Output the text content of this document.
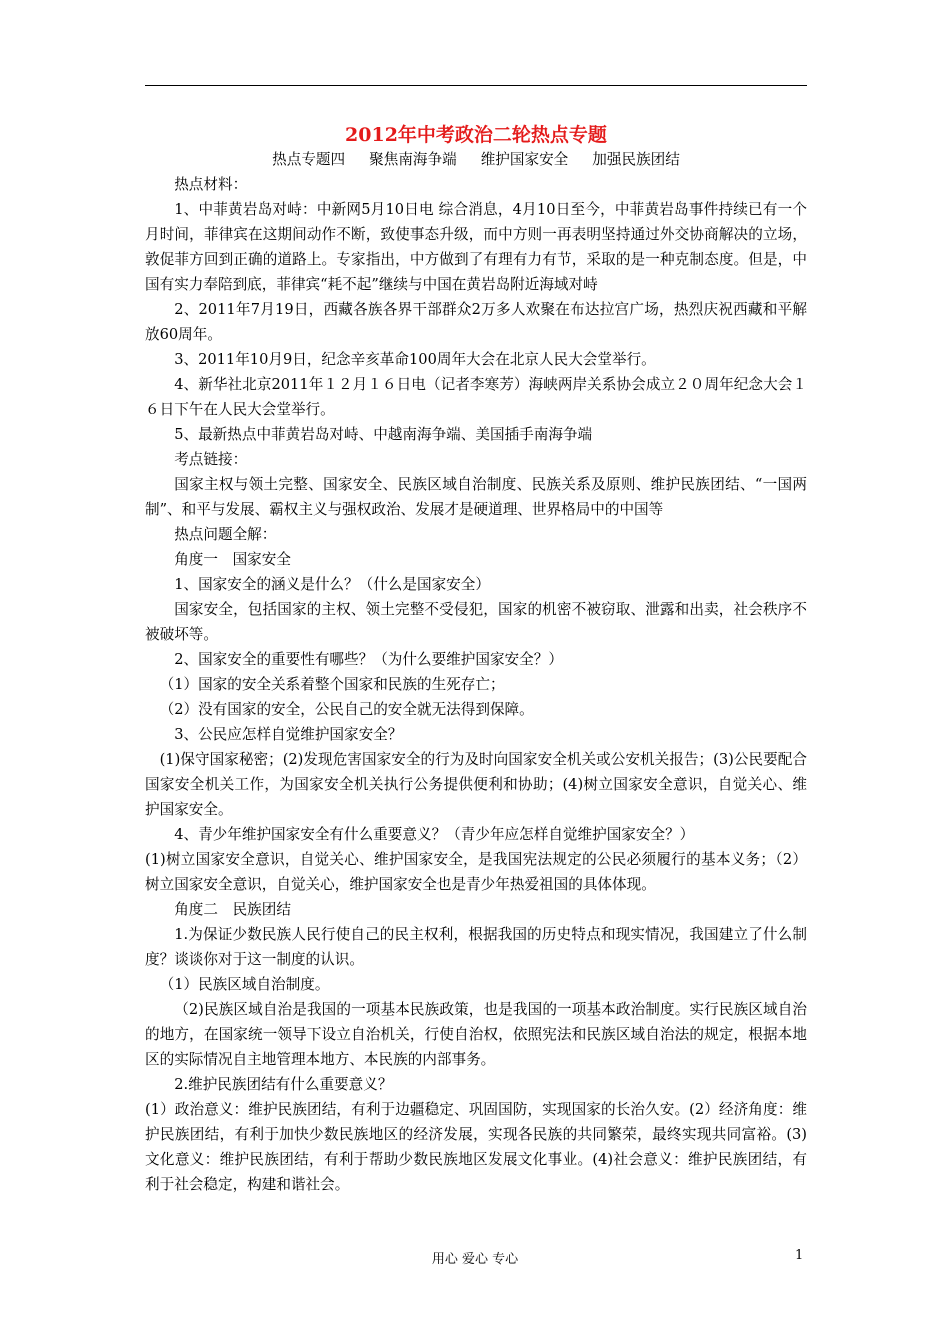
2012年中考政治二轮热点专题

热点专题四 聚焦南海争端 维护国家安全 加强民族团结

热点材料：

1、中菲黄岩岛对峙：中新网5月10日电 综合消息，4月10日至今，中菲黄岩岛事件持续已有一个月时间，菲律宾在这期间动作不断，致使事态升级，而中方则一再表明坚持通过外交协商解决的立场，敦促菲方回到正确的道路上。专家指出，中方做到了有理有力有节，采取的是一种克制态度。但是，中国有实力奉陪到底，菲律宾“耗不起”继续与中国在黄岩岛附近海域对峙

2、2011年7月19日，西藏各族各界干部群众2万多人欢聚在布达拉宫广场，热烈庆祝西藏和平解放60周年。

3、2011年10月9日，纪念辛亥革命100周年大会在北京人民大会堂举行。

4、新华社北京2011年１２月１６日电（记者李寒芳）海峡两岸关系协会成立２０周年纪念大会１６日下午在人民大会堂举行。

5、最新热点中菲黄岩岛对峙、中越南海争端、美国插手南海争端

考点链接：

国家主权与领土完整、国家安全、民族区域自治制度、民族关系及原则、维护民族团结、“一国两制”、和平与发展、霸权主义与强权政治、发展才是硬道理、世界格局中的中国等

热点问题全解：

角度一　国家安全

1、国家安全的涵义是什么？（什么是国家安全）

国家安全，包括国家的主权、领土完整不受侵犯，国家的机密不被窃取、泄露和出卖，社会秩序不被破坏等。

2、国家安全的重要性有哪些？（为什么要维护国家安全？）

（1）国家的安全关系着整个国家和民族的生死存亡；

（2）没有国家的安全，公民自己的安全就无法得到保障。

3、公民应怎样自觉维护国家安全？

(1)保守国家秘密；(2)发现危害国家安全的行为及时向国家安全机关或公安机关报告；(3)公民要配合国家安全机关工作，为国家安全机关执行公务提供便利和协助；(4)树立国家安全意识，自觉关心、维护国家安全。

4、青少年维护国家安全有什么重要意义？（青少年应怎样自觉维护国家安全？）

(1)树立国家安全意识，自觉关心、维护国家安全，是我国宪法规定的公民必须履行的基本义务；（2）树立国家安全意识，自觉关心，维护国家安全也是青少年热爱祖国的具体体现。

角度二　民族团结

1.为保证少数民族人民行使自己的民主权利，根据我国的历史特点和现实情况，我国建立了什么制度？谈谈你对于这一制度的认识。

（1）民族区域自治制度。

（2)民族区域自治是我国的一项基本民族政策，也是我国的一项基本政治制度。实行民族区域自治的地方，在国家统一领导下设立自治机关，行使自治权，依照宪法和民族区域自治法的规定，根据本地区的实际情况自主地管理本地方、本民族的内部事务。

2.维护民族团结有什么重要意义？

(1）政治意义：维护民族团结，有利于边疆稳定、巩固国防，实现国家的长治久安。(2）经济角度：维护民族团结，有利于加快少数民族地区的经济发展，实现各民族的共同繁荣，最终实现共同富裕。(3)文化意义：维护民族团结，有利于帮助少数民族地区发展文化事业。(4)社会意义：维护民族团结，有利于社会稳定，构建和谐社会。

用心 爱心 专心	1
